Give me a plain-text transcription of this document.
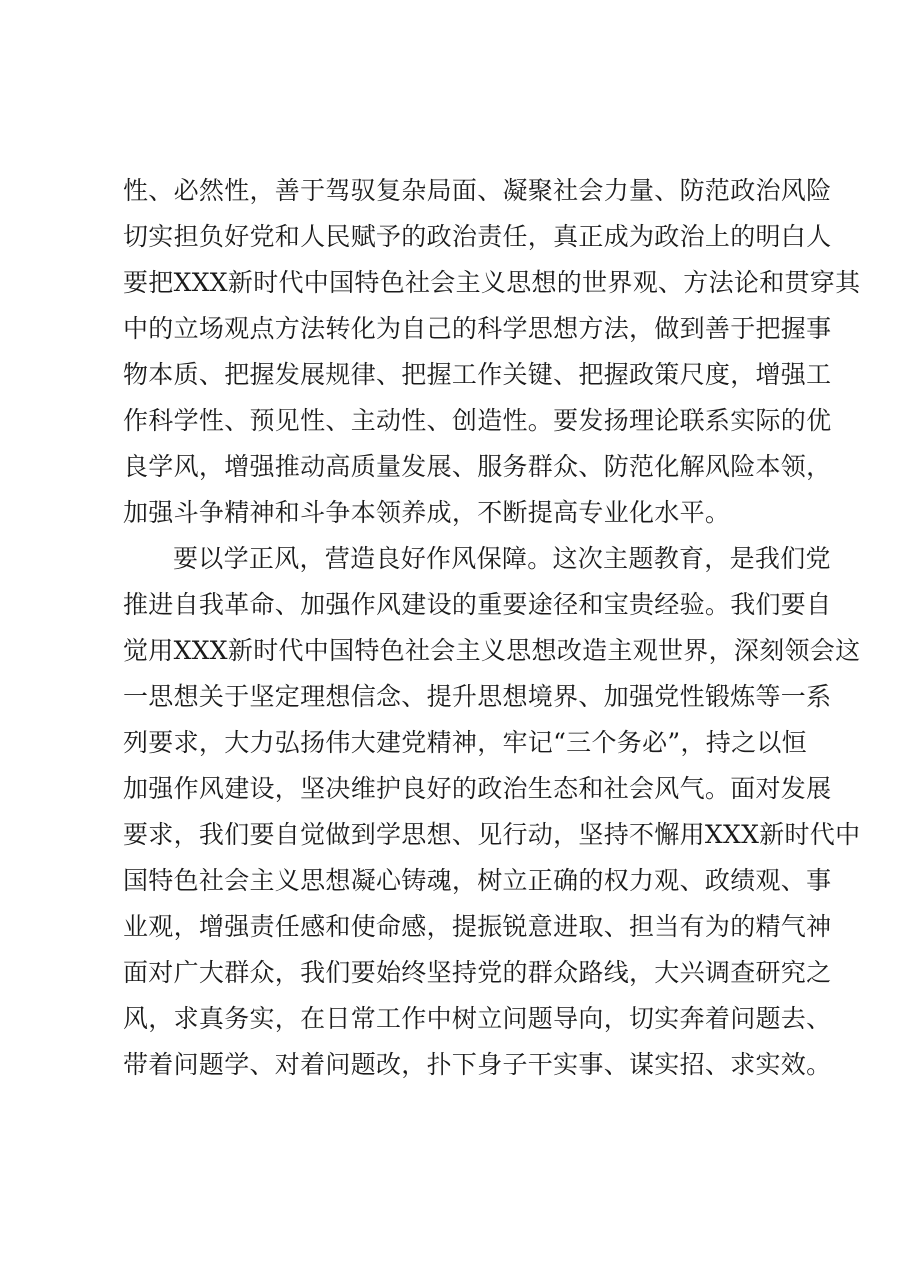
性、必然性，善于驾驭复杂局面、凝聚社会力量、防范政治风险
切实担负好党和人民赋予的政治责任，真正成为政治上的明白人
要把XXX新时代中国特色社会主义思想的世界观、方法论和贯穿其
中的立场观点方法转化为自己的科学思想方法，做到善于把握事
物本质、把握发展规律、把握工作关键、把握政策尺度，增强工
作科学性、预见性、主动性、创造性。要发扬理论联系实际的优
良学风，增强推动高质量发展、服务群众、防范化解风险本领，
加强斗争精神和斗争本领养成，不断提高专业化水平。
要以学正风，营造良好作风保障。这次主题教育，是我们党
推进自我革命、加强作风建设的重要途径和宝贵经验。我们要自
觉用XXX新时代中国特色社会主义思想改造主观世界，深刻领会这
一思想关于坚定理想信念、提升思想境界、加强党性锻炼等一系
列要求，大力弘扬伟大建党精神，牢记“三个务必”，持之以恒
加强作风建设，坚决维护良好的政治生态和社会风气。面对发展
要求，我们要自觉做到学思想、见行动，坚持不懈用XXX新时代中
国特色社会主义思想凝心铸魂，树立正确的权力观、政绩观、事
业观，增强责任感和使命感，提振锐意进取、担当有为的精气神
面对广大群众，我们要始终坚持党的群众路线，大兴调查研究之
风，求真务实，在日常工作中树立问题导向，切实奔着问题去、
带着问题学、对着问题改，扑下身子干实事、谋实招、求实效。
